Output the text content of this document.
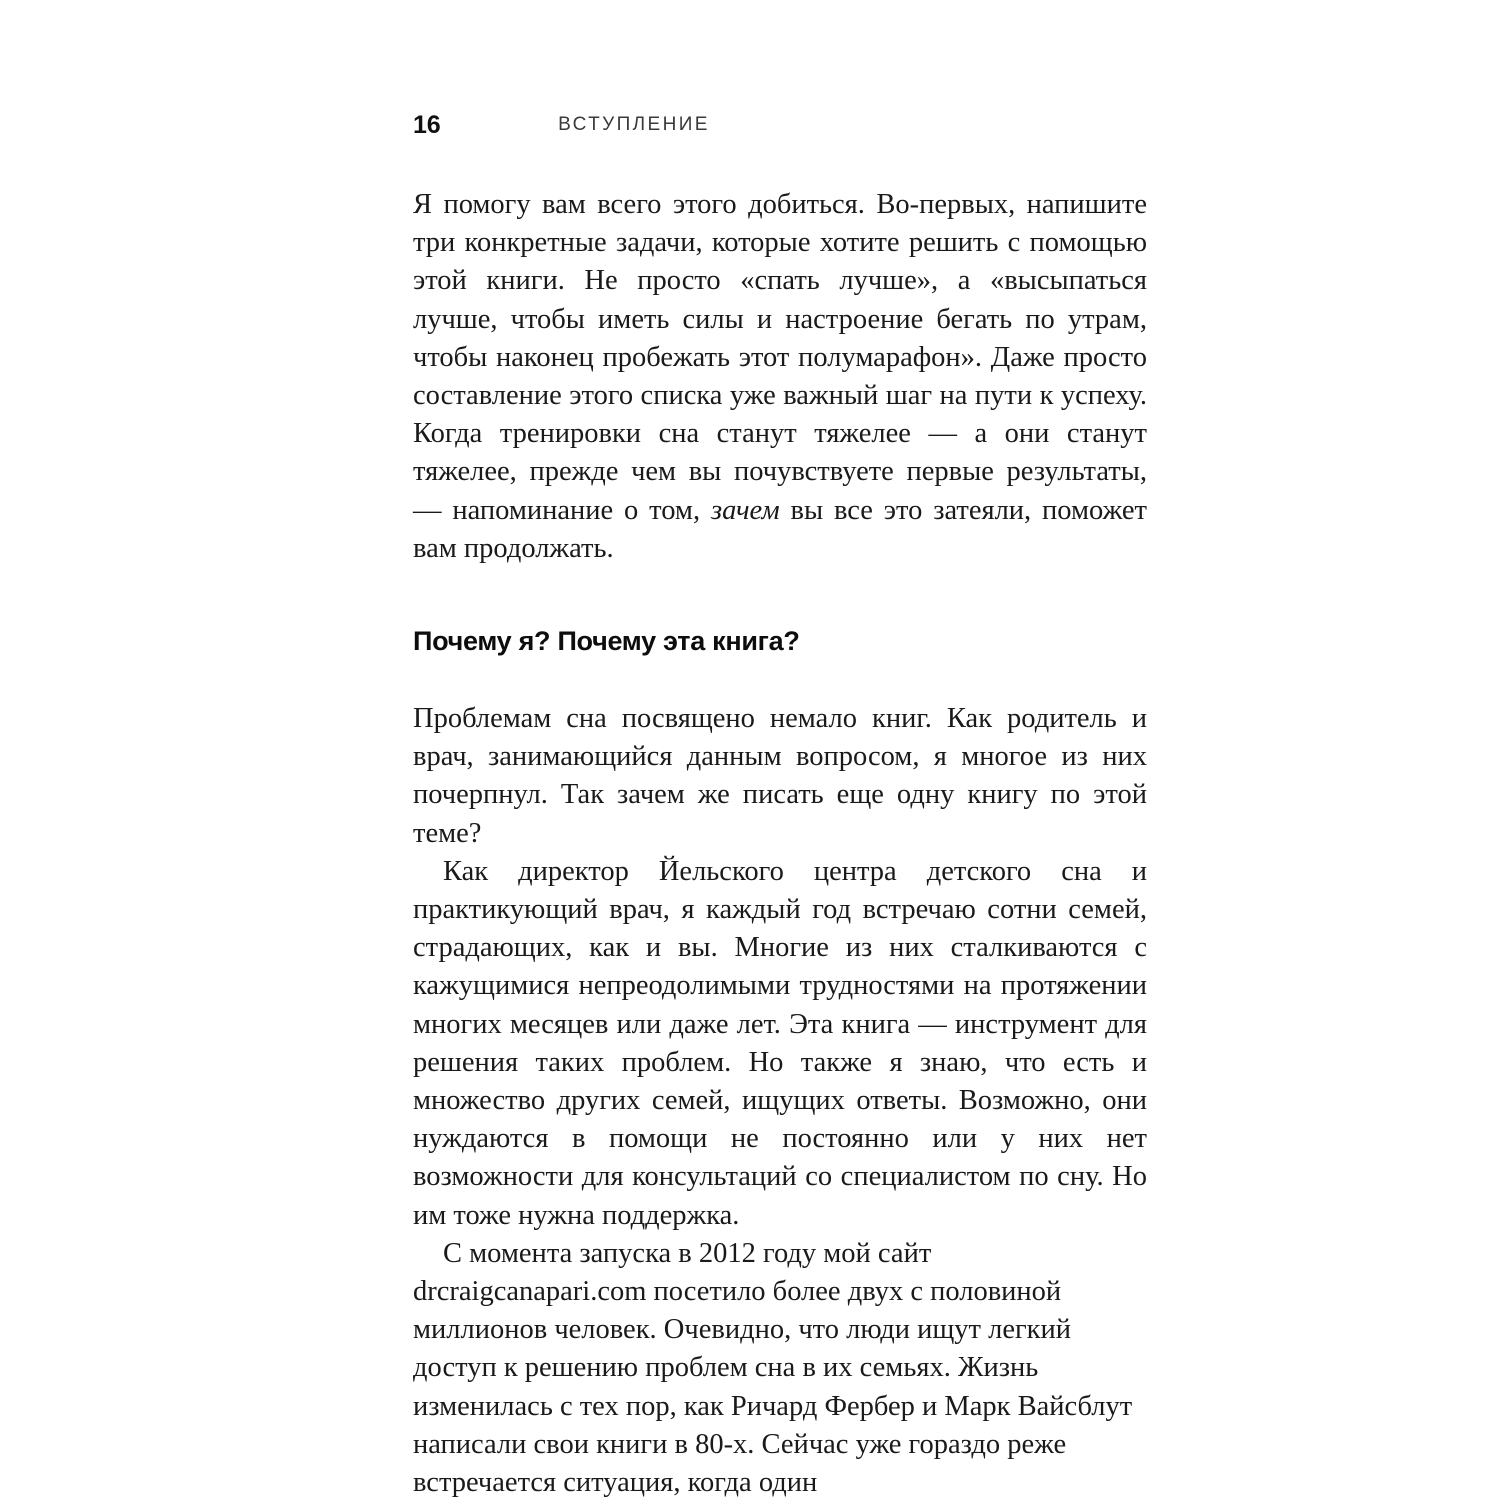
16	ВСТУПЛЕНИЕ

Я помогу вам всего этого добиться. Во-первых, напишите три конкретные задачи, которые хотите решить с помощью этой книги. Не просто «спать лучше», а «высыпаться лучше, чтобы иметь силы и настроение бегать по утрам, чтобы наконец пробежать этот полумарафон». Даже просто составление этого списка уже важный шаг на пути к успеху. Когда тренировки сна станут тяжелее — а они станут тяжелее, прежде чем вы почувствуете первые результаты, — напоминание о том, зачем вы все это затеяли, поможет вам продолжать.

Почему я? Почему эта книга?

Проблемам сна посвящено немало книг. Как родитель и врач, занимающийся данным вопросом, я многое из них почерпнул. Так зачем же писать еще одну книгу по этой теме?

Как директор Йельского центра детского сна и практикующий врач, я каждый год встречаю сотни семей, страдающих, как и вы. Многие из них сталкиваются с кажущимися непреодолимыми трудностями на протяжении многих месяцев или даже лет. Эта книга — инструмент для решения таких проблем. Но также я знаю, что есть и множество других семей, ищущих ответы. Возможно, они нуждаются в помощи не постоянно или у них нет возможности для консультаций со специалистом по сну. Но им тоже нужна поддержка.

С момента запуска в 2012 году мой сайт drcraigcanapari.com посетило более двух с половиной миллионов человек. Очевидно, что люди ищут легкий доступ к решению проблем сна в их семьях. Жизнь изменилась с тех пор, как Ричард Фербер и Марк Вайсблут написали свои книги в 80-х. Сейчас уже гораздо реже встречается ситуация, когда один
